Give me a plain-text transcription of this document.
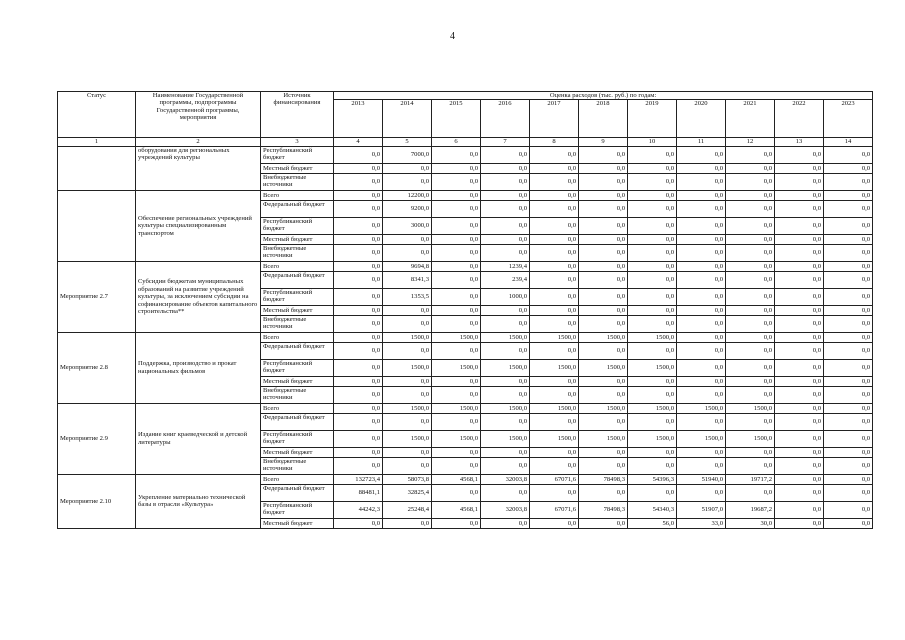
4
Статус	Наименование Государственной программы, подпрограммы Государственной программы, мероприятия	Источник финансирования	Оценка расходов (тыс. руб.) по годам:										
			2013	2014	2015	2016	2017	2018	2019	2020	2021	2022	2023
1	2	3	4	5	6	7	8	9	10	11	12	13	14
	оборудования для региональных учреждений культуры	Республиканский бюджет	0,0	7000,0	0,0	0,0	0,0	0,0	0,0	0,0	0,0	0,0	0,0
		Местный бюджет	0,0	0,0	0,0	0,0	0,0	0,0	0,0	0,0	0,0	0,0	0,0
		Внебюджетные источники	0,0	0,0	0,0	0,0	0,0	0,0	0,0	0,0	0,0	0,0	0,0
	Обеспечение региональных учреждений культуры специализированным транспортом	Всего	0,0	12200,0	0,0	0,0	0,0	0,0	0,0	0,0	0,0	0,0	0,0
		Федеральный бюджет	0,0	9200,0	0,0	0,0	0,0	0,0	0,0	0,0	0,0	0,0	0,0
		Республиканский бюджет	0,0	3000,0	0,0	0,0	0,0	0,0	0,0	0,0	0,0	0,0	0,0
		Местный бюджет	0,0	0,0	0,0	0,0	0,0	0,0	0,0	0,0	0,0	0,0	0,0
		Внебюджетные источники	0,0	0,0	0,0	0,0	0,0	0,0	0,0	0,0	0,0	0,0	0,0
Мероприятие 2.7	Субсидии бюджетам муниципальных образований на развитие учреждений культуры, за исключением субсидии на софинансирование объектов капитального строительства**	Всего	0,0	9694,8	0,0	1239,4	0,0	0,0	0,0	0,0	0,0	0,0	0,0
		Федеральный бюджет	0,0	8341,3	0,0	239,4	0,0	0,0	0,0	0,0	0,0	0,0	0,0
		Республиканский бюджет	0,0	1353,5	0,0	1000,0	0,0	0,0	0,0	0,0	0,0	0,0	0,0
		Местный бюджет	0,0	0,0	0,0	0,0	0,0	0,0	0,0	0,0	0,0	0,0	0,0
		Внебюджетные источники	0,0	0,0	0,0	0,0	0,0	0,0	0,0	0,0	0,0	0,0	0,0
Мероприятие 2.8	Поддержка, производство и прокат национальных фильмов	Всего	0,0	1500,0	1500,0	1500,0	1500,0	1500,0	1500,0	0,0	0,0	0,0	0,0
		Федеральный бюджет	0,0	0,0	0,0	0,0	0,0	0,0	0,0	0,0	0,0	0,0	0,0
		Республиканский бюджет	0,0	1500,0	1500,0	1500,0	1500,0	1500,0	1500,0	0,0	0,0	0,0	0,0
		Местный бюджет	0,0	0,0	0,0	0,0	0,0	0,0	0,0	0,0	0,0	0,0	0,0
		Внебюджетные источники	0,0	0,0	0,0	0,0	0,0	0,0	0,0	0,0	0,0	0,0	0,0
Мероприятие 2.9	Издание книг краеведческой и детской литературы	Всего	0,0	1500,0	1500,0	1500,0	1500,0	1500,0	1500,0	1500,0	1500,0	0,0	0,0
		Федеральный бюджет	0,0	0,0	0,0	0,0	0,0	0,0	0,0	0,0	0,0	0,0	0,0
		Республиканский бюджет	0,0	1500,0	1500,0	1500,0	1500,0	1500,0	1500,0	1500,0	1500,0	0,0	0,0
		Местный бюджет	0,0	0,0	0,0	0,0	0,0	0,0	0,0	0,0	0,0	0,0	0,0
		Внебюджетные источники	0,0	0,0	0,0	0,0	0,0	0,0	0,0	0,0	0,0	0,0	0,0
Мероприятие 2.10	Укрепление материально технической базы в отрасли «Культура»	Всего	132723,4	58073,8	4568,1	32003,8	67071,6	78498,3	54396,3	51940,0	19717,2	0,0	0,0
		Федеральный бюджет	88481,1	32825,4	0,0	0,0	0,0	0,0	0,0	0,0	0,0	0,0	0,0
		Республиканский бюджет	44242,3	25248,4	4568,1	32003,8	67071,6	78498,3	54340,3	51907,0	19687,2	0,0	0,0
		Местный бюджет	0,0	0,0	0,0	0,0	0,0	0,0	56,0	33,0	30,0	0,0	0,0
